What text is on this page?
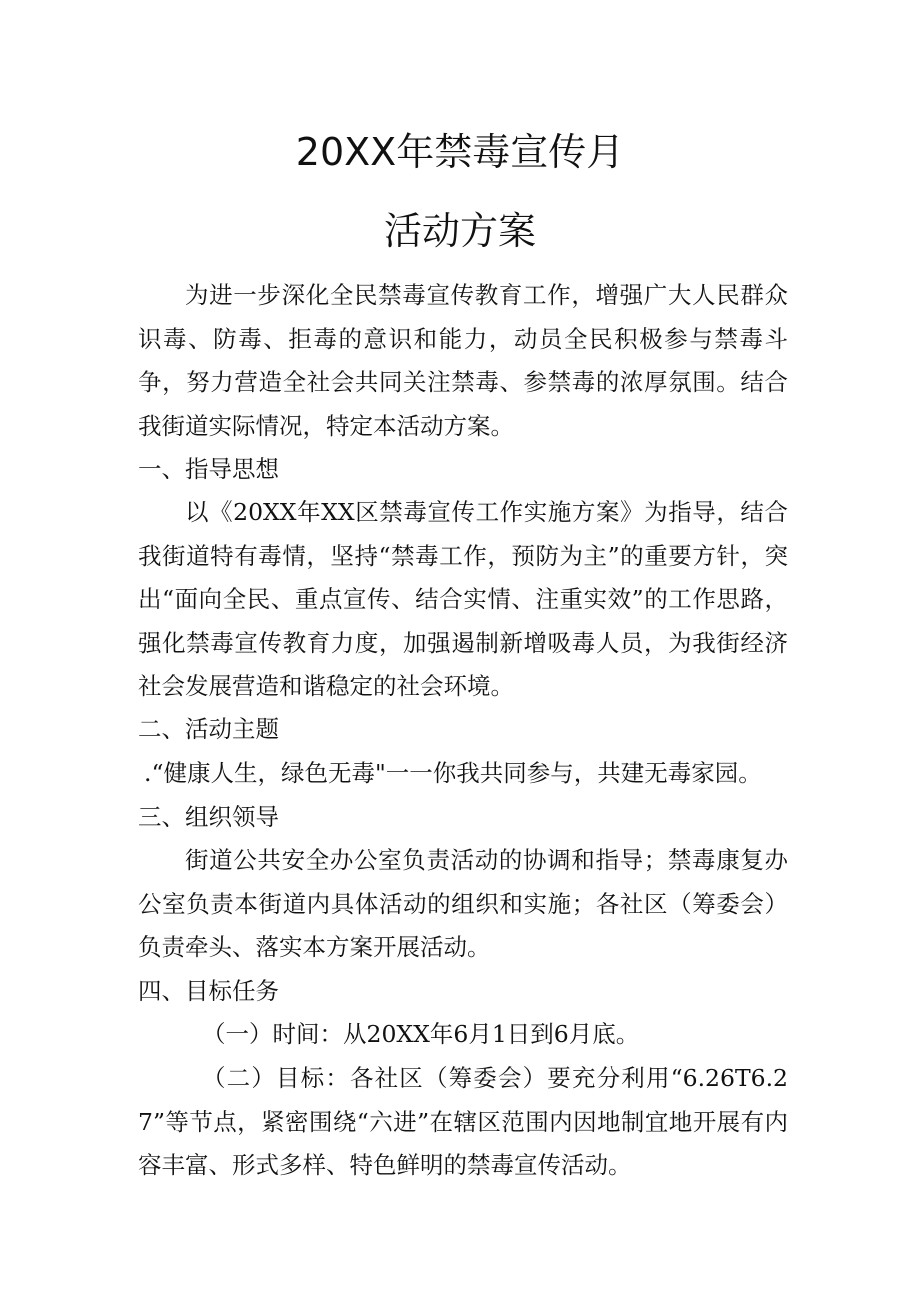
20XX年禁毒宣传月
活动方案

为进一步深化全民禁毒宣传教育工作，增强广大人民群众识毒、防毒、拒毒的意识和能力，动员全民积极参与禁毒斗争，努力营造全社会共同关注禁毒、参禁毒的浓厚氛围。结合我街道实际情况，特定本活动方案。

一、指导思想

以《20XX年XX区禁毒宣传工作实施方案》为指导，结合我街道特有毒情，坚持“禁毒工作，预防为主”的重要方针，突出“面向全民、重点宣传、结合实情、注重实效”的工作思路，强化禁毒宣传教育力度，加强遏制新增吸毒人员，为我街经济社会发展营造和谐稳定的社会环境。

二、活动主题
.“健康人生，绿色无毒"一一你我共同参与，共建无毒家园。
三、组织领导

街道公共安全办公室负责活动的协调和指导；禁毒康复办公室负责本街道内具体活动的组织和实施；各社区（筹委会）负责牵头、落实本方案开展活动。

四、目标任务

（一）时间：从20XX年6月1日到6月底。

（二）目标：各社区（筹委会）要充分利用“6.26T6.27”等节点，紧密围绕“六进”在辖区范围内因地制宜地开展有内容丰富、形式多样、特色鲜明的禁毒宣传活动。
